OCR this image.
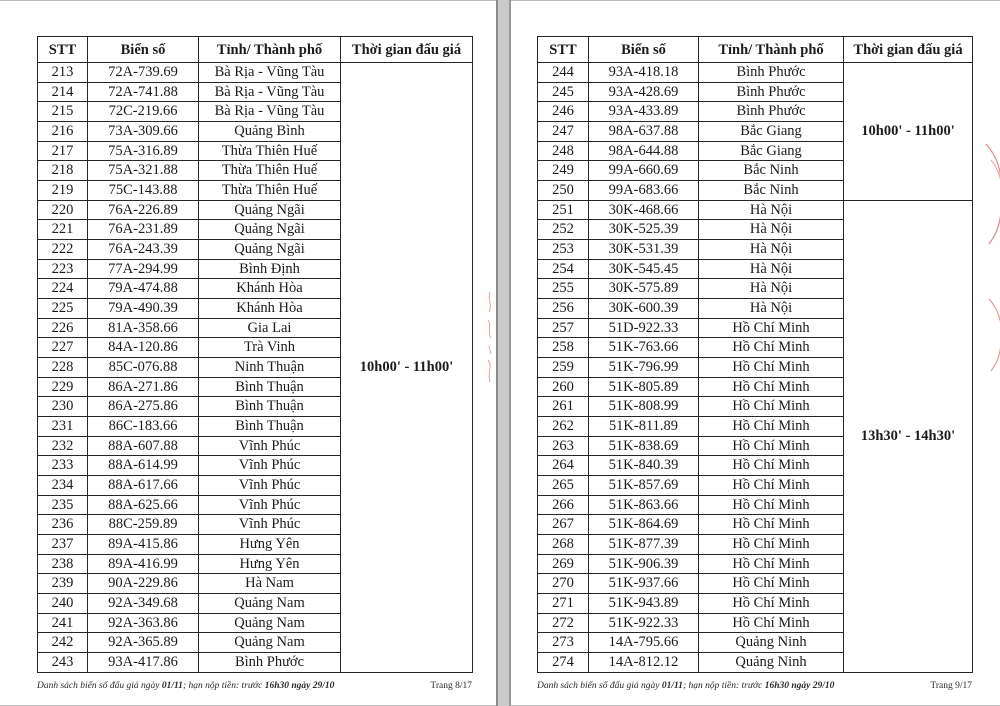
STT	Biển số	Tỉnh/ Thành phố	Thời gian đấu giá
213	72A-739.69	Bà Rịa - Vũng Tàu	10h00' - 11h00'
214	72A-741.88	Bà Rịa - Vũng Tàu	
215	72C-219.66	Bà Rịa - Vũng Tàu	
216	73A-309.66	Quảng Bình	
217	75A-316.89	Thừa Thiên Huế	
218	75A-321.88	Thừa Thiên Huế	
219	75C-143.88	Thừa Thiên Huế	
220	76A-226.89	Quảng Ngãi	
221	76A-231.89	Quảng Ngãi	
222	76A-243.39	Quảng Ngãi	
223	77A-294.99	Bình Định	
224	79A-474.88	Khánh Hòa	
225	79A-490.39	Khánh Hòa	
226	81A-358.66	Gia Lai	
227	84A-120.86	Trà Vinh	
228	85C-076.88	Ninh Thuận	
229	86A-271.86	Bình Thuận	
230	86A-275.86	Bình Thuận	
231	86C-183.66	Bình Thuận	
232	88A-607.88	Vĩnh Phúc	
233	88A-614.99	Vĩnh Phúc	
234	88A-617.66	Vĩnh Phúc	
235	88A-625.66	Vĩnh Phúc	
236	88C-259.89	Vĩnh Phúc	
237	89A-415.86	Hưng Yên	
238	89A-416.99	Hưng Yên	
239	90A-229.86	Hà Nam	
240	92A-349.68	Quảng Nam	
241	92A-363.86	Quảng Nam	
242	92A-365.89	Quảng Nam	
243	93A-417.86	Bình Phước	
Danh sách biển số đấu giá ngày 01/11; hạn nộp tiền: trước 16h30 ngày 29/10	Trang 8/17
STT	Biển số	Tỉnh/ Thành phố	Thời gian đấu giá
244	93A-418.18	Bình Phước	10h00' - 11h00'
245	93A-428.69	Bình Phước	
246	93A-433.89	Bình Phước	
247	98A-637.88	Bắc Giang	
248	98A-644.88	Bắc Giang	
249	99A-660.69	Bắc Ninh	
250	99A-683.66	Bắc Ninh	
251	30K-468.66	Hà Nội	13h30' - 14h30'
252	30K-525.39	Hà Nội	
253	30K-531.39	Hà Nội	
254	30K-545.45	Hà Nội	
255	30K-575.89	Hà Nội	
256	30K-600.39	Hà Nội	
257	51D-922.33	Hồ Chí Minh	
258	51K-763.66	Hồ Chí Minh	
259	51K-796.99	Hồ Chí Minh	
260	51K-805.89	Hồ Chí Minh	
261	51K-808.99	Hồ Chí Minh	
262	51K-811.89	Hồ Chí Minh	
263	51K-838.69	Hồ Chí Minh	
264	51K-840.39	Hồ Chí Minh	
265	51K-857.69	Hồ Chí Minh	
266	51K-863.66	Hồ Chí Minh	
267	51K-864.69	Hồ Chí Minh	
268	51K-877.39	Hồ Chí Minh	
269	51K-906.39	Hồ Chí Minh	
270	51K-937.66	Hồ Chí Minh	
271	51K-943.89	Hồ Chí Minh	
272	51K-922.33	Hồ Chí Minh	
273	14A-795.66	Quảng Ninh	
274	14A-812.12	Quảng Ninh	
Danh sách biển số đấu giá ngày 01/11; hạn nộp tiền: trước 16h30 ngày 29/10	Trang 9/17
